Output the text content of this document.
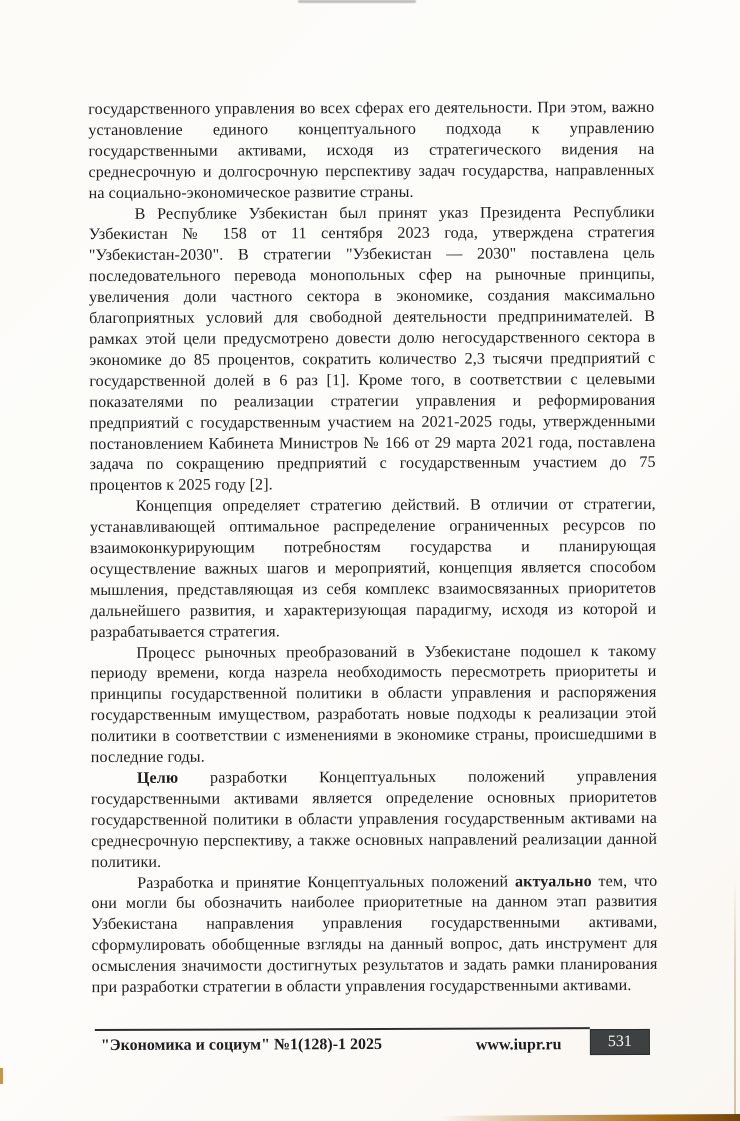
государственного управления во всех сферах его деятельности. При этом, важно установление единого концептуального подхода к управлению государственными активами, исходя из стратегического видения на среднесрочную и долгосрочную перспективу задач государства, направленных на социально-экономическое развитие страны.

В Республике Узбекистан был принят указ Президента Республики Узбекистан № 158 от 11 сентября 2023 года, утверждена стратегия "Узбекистан-2030". В стратегии "Узбекистан — 2030" поставлена цель последовательного перевода монопольных сфер на рыночные принципы, увеличения доли частного сектора в экономике, создания максимально благоприятных условий для свободной деятельности предпринимателей. В рамках этой цели предусмотрено довести долю негосударственного сектора в экономике до 85 процентов, сократить количество 2,3 тысячи предприятий с государственной долей в 6 раз [1]. Кроме того, в соответствии с целевыми показателями по реализации стратегии управления и реформирования предприятий с государственным участием на 2021-2025 годы, утвержденными постановлением Кабинета Министров № 166 от 29 марта 2021 года, поставлена задача по сокращению предприятий с государственным участием до 75 процентов к 2025 году [2].

Концепция определяет стратегию действий. В отличии от стратегии, устанавливающей оптимальное распределение ограниченных ресурсов по взаимоконкурирующим потребностям государства и планирующая осуществление важных шагов и мероприятий, концепция является способом мышления, представляющая из себя комплекс взаимосвязанных приоритетов дальнейшего развития, и характеризующая парадигму, исходя из которой и разрабатывается стратегия.

Процесс рыночных преобразований в Узбекистане подошел к такому периоду времени, когда назрела необходимость пересмотреть приоритеты и принципы государственной политики в области управления и распоряжения государственным имуществом, разработать новые подходы к реализации этой политики в соответствии с изменениями в экономике страны, происшедшими в последние годы.

Целю разработки Концептуальных положений управления государственными активами является определение основных приоритетов государственной политики в области управления государственным активами на среднесрочную перспективу, а также основных направлений реализации данной политики.

Разработка и принятие Концептуальных положений актуально тем, что они могли бы обозначить наиболее приоритетные на данном этап развития Узбекистана направления управления государственными активами, сформулировать обобщенные взгляды на данный вопрос, дать инструмент для осмысления значимости достигнутых результатов и задать рамки планирования при разработки стратегии в области управления государственными активами.

"Экономика и социум" №1(128)-1 2025	www.iupr.ru	531
